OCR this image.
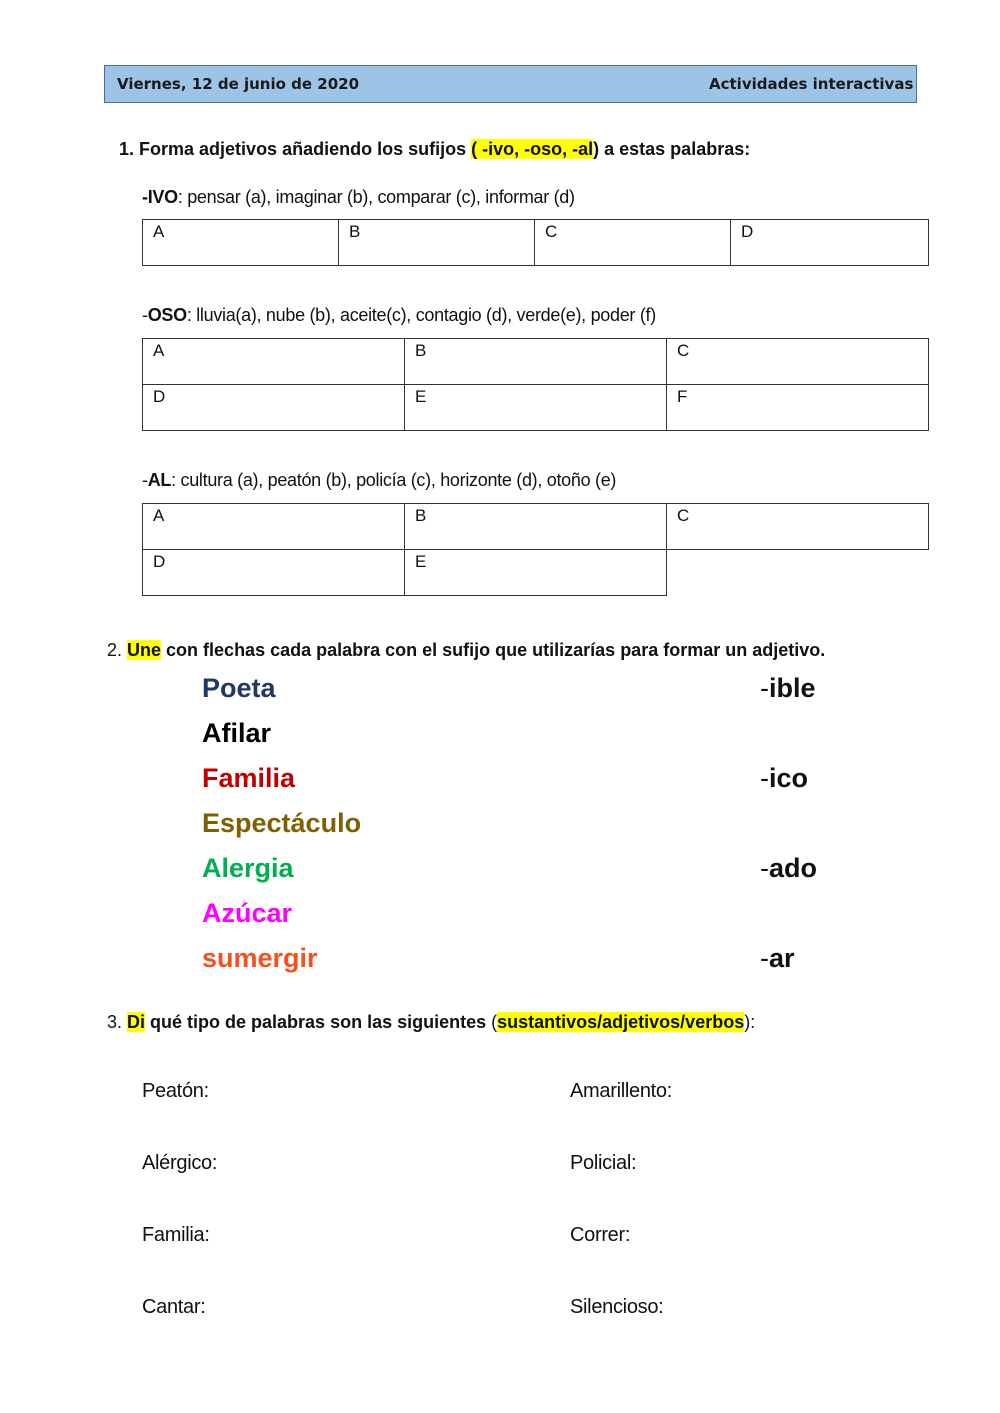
Viernes, 12 de junio de 2020	Actividades interactivas
1. Forma adjetivos añadiendo los sufijos ( -ivo, -oso, -al) a estas palabras:
-IVO: pensar (a), imaginar (b), comparar (c), informar (d)
A	B	C	D
-OSO: lluvia(a), nube (b), aceite(c), contagio (d), verde(e), poder (f)
A	B	C
D	E	F
-AL: cultura (a), peatón (b), policía (c), horizonte (d), otoño (e)
A	B	C
D	E	
2. Une con flechas cada palabra con el sufijo que utilizarías para formar un adjetivo.
Poeta
Afilar
Familia
Espectáculo
Alergia
Azúcar
sumergir
-ible
-ico
-ado
-ar
3. Di qué tipo de palabras son las siguientes (sustantivos/adjetivos/verbos):
Peatón:
Alérgico:
Familia:
Cantar:
Amarillento:
Policial:
Correr:
Silencioso:
